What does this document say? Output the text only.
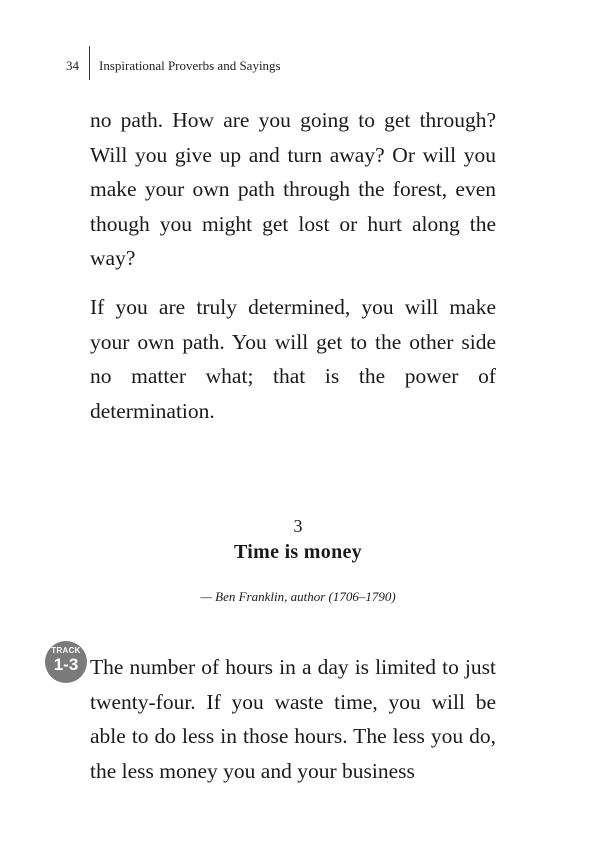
34	Inspirational Proverbs and Sayings

no path. How are you going to get through? Will you give up and turn away? Or will you make your own path through the forest, even though you might get lost or hurt along the way?

If you are truly determined, you will make your own path. You will get to the other side no matter what; that is the power of determination.

3
Time is money
— Ben Franklin, author (1706–1790)
TRACK
1-3 The number of hours in a day is limited to just twenty-four. If you waste time, you will be able to do less in those hours. The less you do, the less money you and your business
